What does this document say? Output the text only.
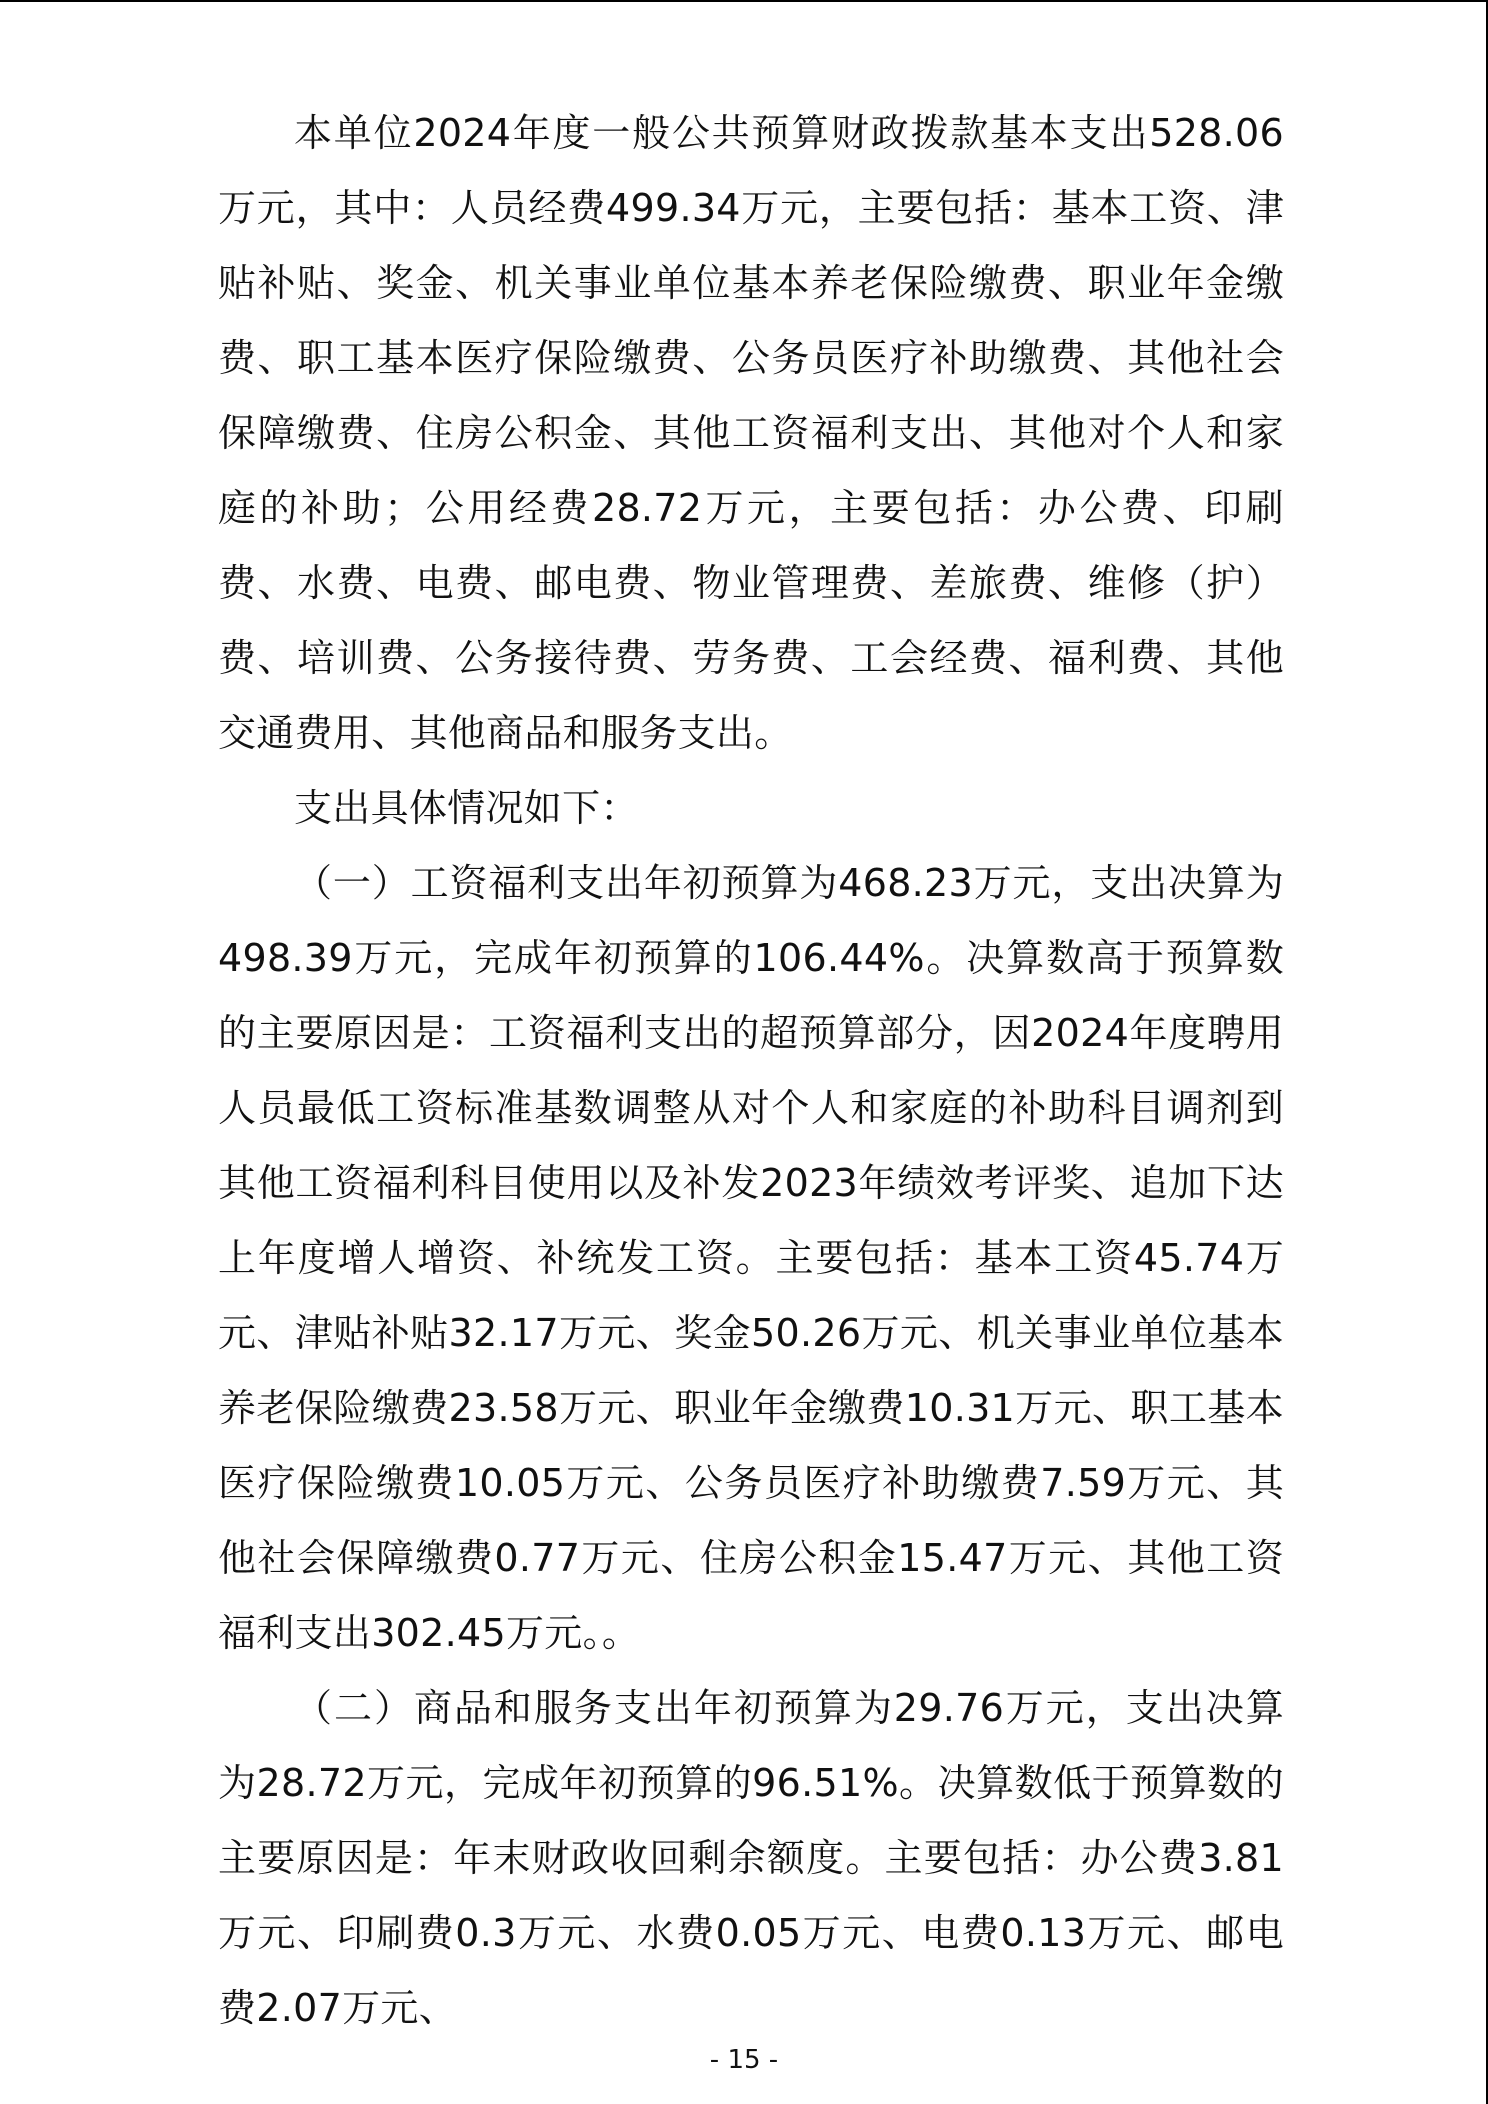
本单位2024年度一般公共预算财政拨款基本支出528.06万元，其中：人员经费499.34万元，主要包括：基本工资、津贴补贴、奖金、机关事业单位基本养老保险缴费、职业年金缴费、职工基本医疗保险缴费、公务员医疗补助缴费、其他社会保障缴费、住房公积金、其他工资福利支出、其他对个人和家庭的补助；公用经费28.72万元，主要包括：办公费、印刷费、水费、电费、邮电费、物业管理费、差旅费、维修（护）费、培训费、公务接待费、劳务费、工会经费、福利费、其他交通费用、其他商品和服务支出。

支出具体情况如下：

（一）工资福利支出年初预算为468.23万元，支出决算为498.39万元，完成年初预算的106.44%。决算数高于预算数的主要原因是：工资福利支出的超预算部分，因2024年度聘用人员最低工资标准基数调整从对个人和家庭的补助科目调剂到其他工资福利科目使用以及补发2023年绩效考评奖、追加下达上年度增人增资、补统发工资。主要包括：基本工资45.74万元、津贴补贴32.17万元、奖金50.26万元、机关事业单位基本养老保险缴费23.58万元、职业年金缴费10.31万元、职工基本医疗保险缴费10.05万元、公务员医疗补助缴费7.59万元、其他社会保障缴费0.77万元、住房公积金15.47万元、其他工资福利支出302.45万元。。

（二）商品和服务支出年初预算为29.76万元，支出决算为28.72万元，完成年初预算的96.51%。决算数低于预算数的主要原因是：年末财政收回剩余额度。主要包括：办公费3.81万元、印刷费0.3万元、水费0.05万元、电费0.13万元、邮电费2.07万元、

- 15 -
